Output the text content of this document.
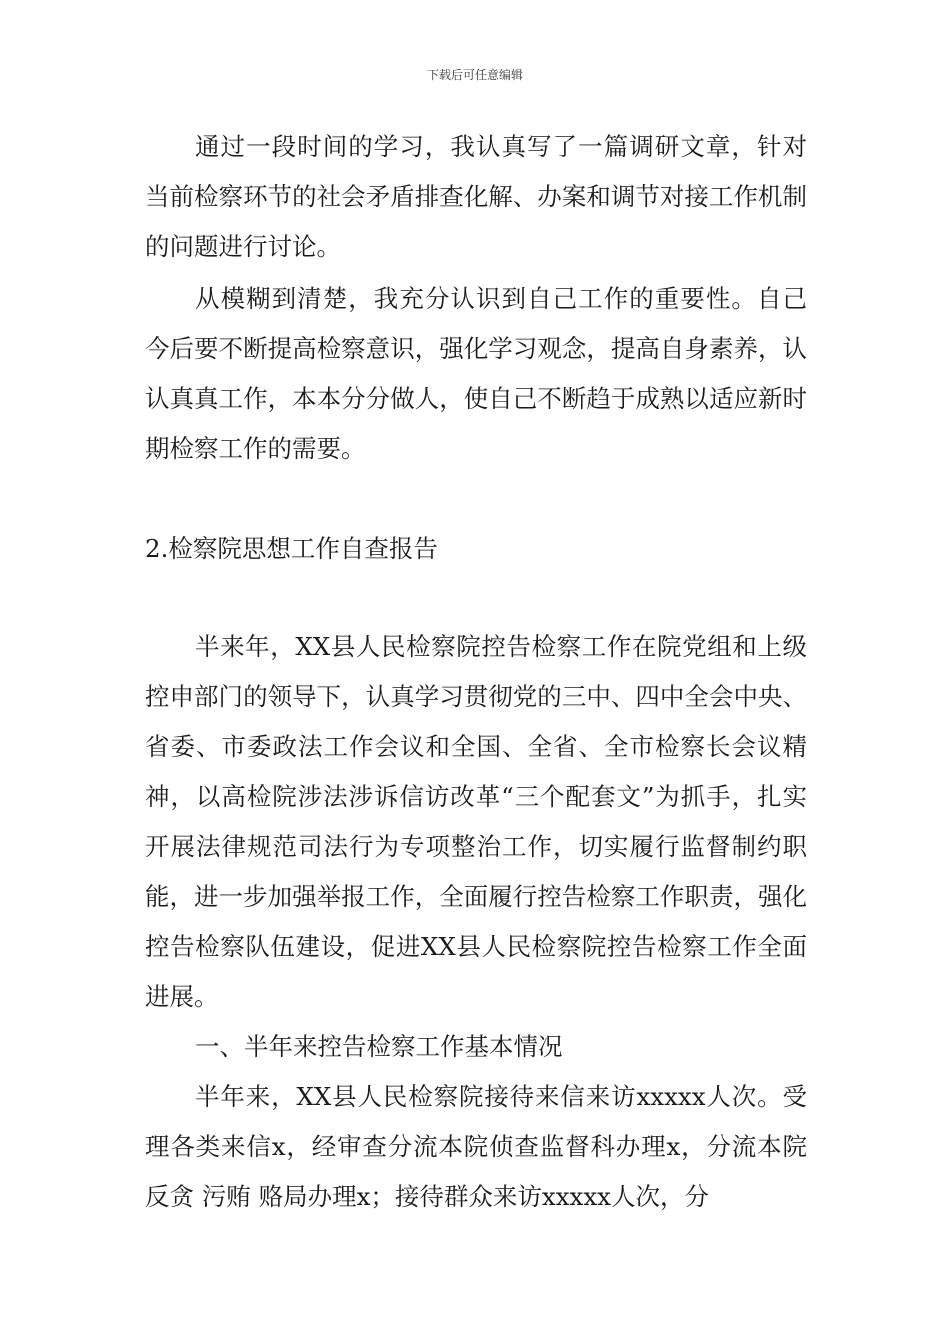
下载后可任意编辑

通过一段时间的学习，我认真写了一篇调研文章，针对当前检察环节的社会矛盾排查化解、办案和调节对接工作机制的问题进行讨论。

从模糊到清楚，我充分认识到自己工作的重要性。自己今后要不断提高检察意识，强化学习观念，提高自身素养，认认真真工作，本本分分做人，使自己不断趋于成熟以适应新时期检察工作的需要。

2.检察院思想工作自查报告

半来年，XX县人民检察院控告检察工作在院党组和上级控申部门的领导下，认真学习贯彻党的三中、四中全会中央、省委、市委政法工作会议和全国、全省、全市检察长会议精神，以高检院涉法涉诉信访改革“三个配套文”为抓手，扎实开展法律规范司法行为专项整治工作，切实履行监督制约职能，进一步加强举报工作，全面履行控告检察工作职责，强化控告检察队伍建设，促进XX县人民检察院控告检察工作全面进展。

一、半年来控告检察工作基本情况

半年来，XX县人民检察院接待来信来访xxxxx人次。受理各类来信x，经审查分流本院侦查监督科办理x，分流本院反贪 污贿 赂局办理x；接待群众来访xxxxx人次，分
